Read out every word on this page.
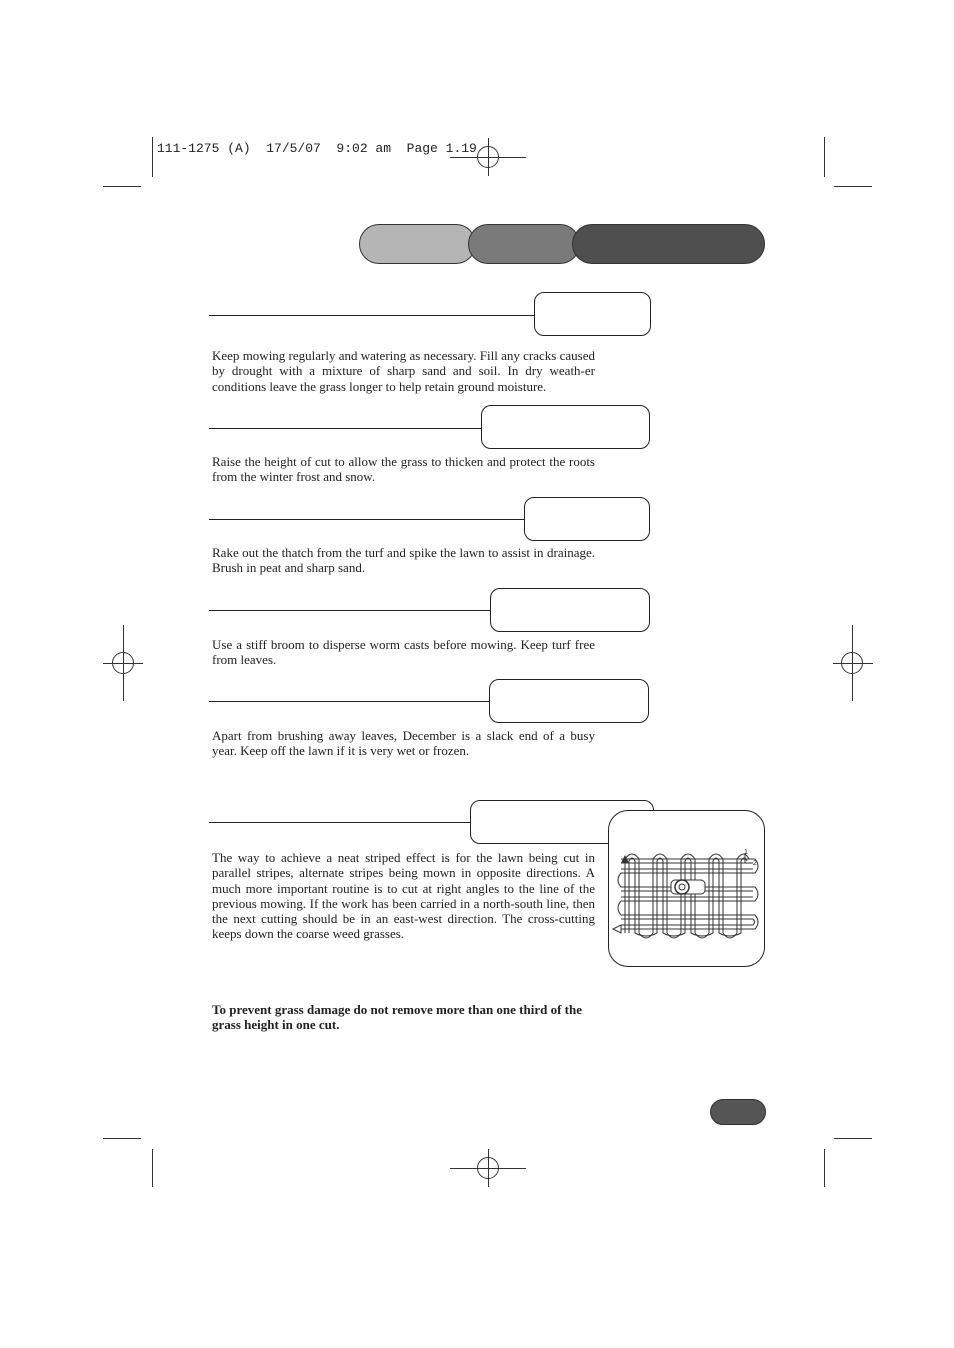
111-1275 (A)  17/5/07  9:02 am  Page 1.19

Keep mowing regularly and watering as necessary. Fill any cracks caused by drought with a mixture of sharp sand and soil. In dry weath-er conditions leave the grass longer to help retain ground moisture.

Raise the height of cut to allow the grass to thicken and protect the roots from the winter frost and snow.

Rake out the thatch from the turf and spike the lawn to assist in drainage. Brush in peat and sharp sand.

Use a stiff broom to disperse worm casts before mowing. Keep turf free from leaves.

Apart from brushing away leaves, December is a slack end of a busy year. Keep off the lawn if it is very wet or frozen.

The way to achieve a neat striped effect is for the lawn being cut in parallel stripes, alternate stripes being mown in opposite directions. A much more important routine is to cut at right angles to the line of the previous mowing. If the work has been carried in a north-south line, then the next cutting should be in an east-west direction. The cross-cutting keeps down the coarse weed grasses.

1
2

To prevent grass damage do not remove more than one third of the grass height in one cut.
